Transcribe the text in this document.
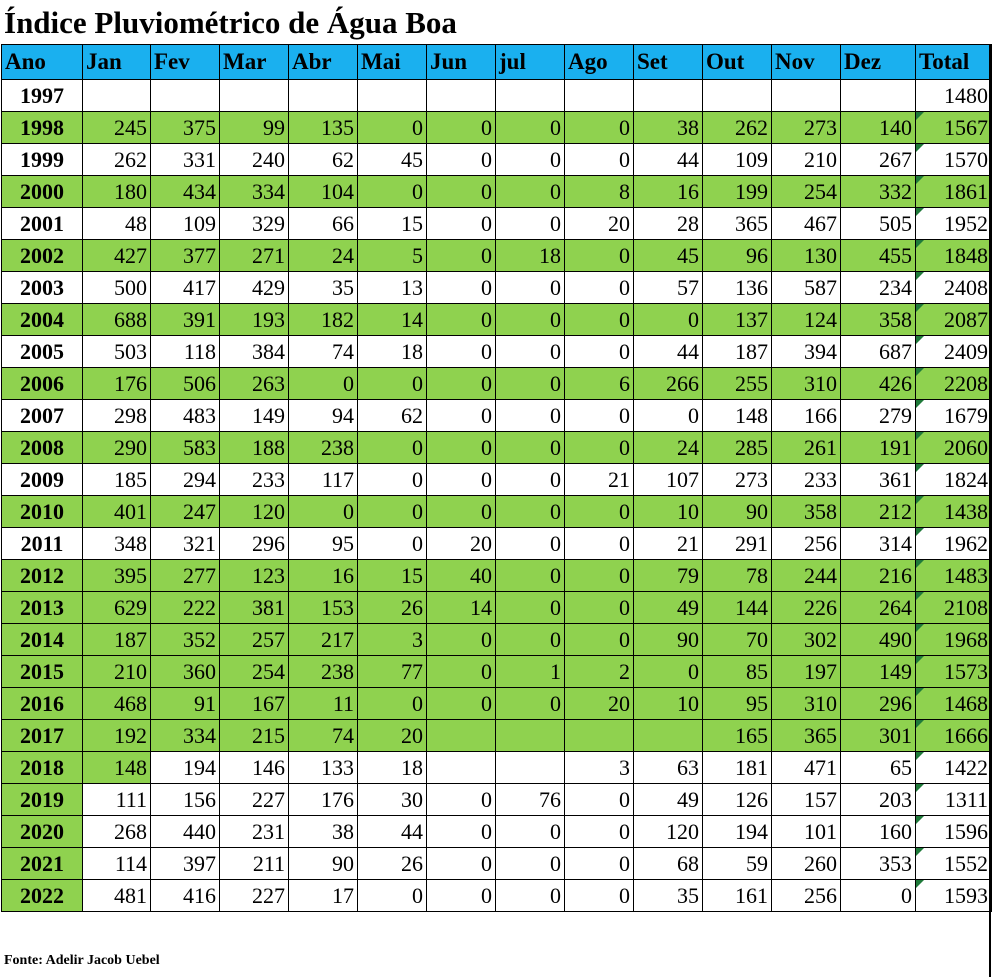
Índice Pluviométrico de Água Boa
Ano	Jan	Fev	Mar	Abr	Mai	Jun	jul	Ago	Set	Out	Nov	Dez	Total
1997													1480
1998	245	375	99	135	0	0	0	0	38	262	273	140	1567
1999	262	331	240	62	45	0	0	0	44	109	210	267	1570
2000	180	434	334	104	0	0	0	8	16	199	254	332	1861
2001	48	109	329	66	15	0	0	20	28	365	467	505	1952
2002	427	377	271	24	5	0	18	0	45	96	130	455	1848
2003	500	417	429	35	13	0	0	0	57	136	587	234	2408
2004	688	391	193	182	14	0	0	0	0	137	124	358	2087
2005	503	118	384	74	18	0	0	0	44	187	394	687	2409
2006	176	506	263	0	0	0	0	6	266	255	310	426	2208
2007	298	483	149	94	62	0	0	0	0	148	166	279	1679
2008	290	583	188	238	0	0	0	0	24	285	261	191	2060
2009	185	294	233	117	0	0	0	21	107	273	233	361	1824
2010	401	247	120	0	0	0	0	0	10	90	358	212	1438
2011	348	321	296	95	0	20	0	0	21	291	256	314	1962
2012	395	277	123	16	15	40	0	0	79	78	244	216	1483
2013	629	222	381	153	26	14	0	0	49	144	226	264	2108
2014	187	352	257	217	3	0	0	0	90	70	302	490	1968
2015	210	360	254	238	77	0	1	2	0	85	197	149	1573
2016	468	91	167	11	0	0	0	20	10	95	310	296	1468
2017	192	334	215	74	20					165	365	301	1666
2018	148	194	146	133	18			3	63	181	471	65	1422
2019	111	156	227	176	30	0	76	0	49	126	157	203	1311
2020	268	440	231	38	44	0	0	0	120	194	101	160	1596
2021	114	397	211	90	26	0	0	0	68	59	260	353	1552
2022	481	416	227	17	0	0	0	0	35	161	256	0	1593
Fonte: Adelir Jacob Uebel
